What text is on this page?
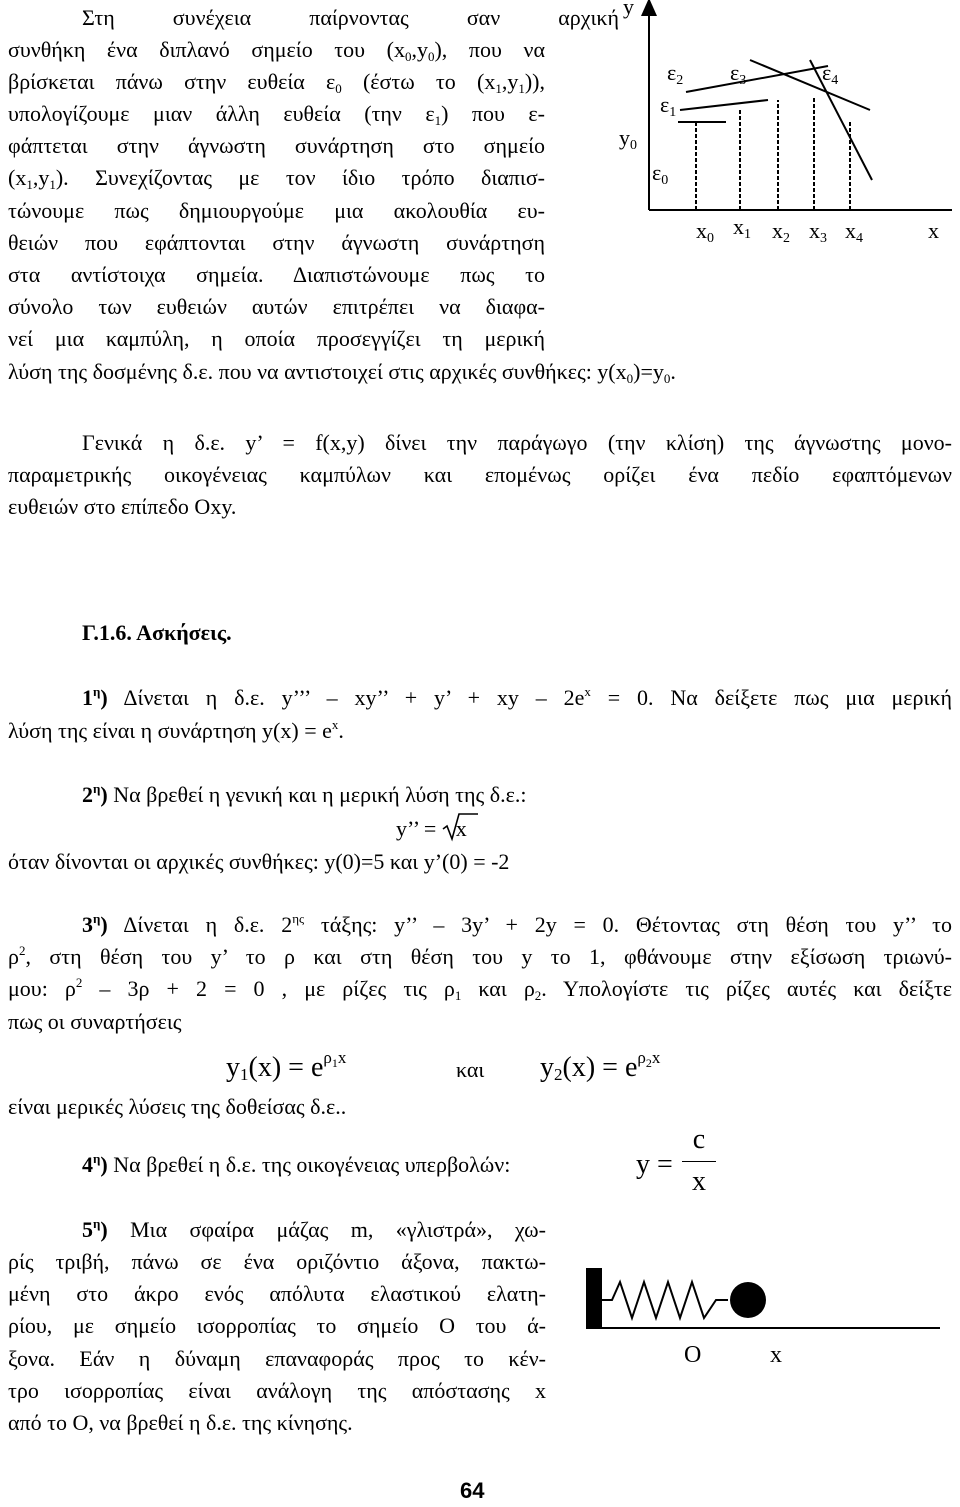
Στη συνέχεια παίρνοντας σαν αρχική
συνθήκη ένα διπλανό σημείο του $(x_0,y_0)$, που να
βρίσκεται πάνω στην ευθεία $\varepsilon_0$ (έστω το $(x_1,y_1)$),
υπολογίζουμε μιαν άλλη ευθεία (την $\varepsilon_1$) που ε-
φάπτεται στην άγνωστη συνάρτηση στο σημείο
$(x_1,y_1)$. Συνεχίζοντας με τον ίδιο τρόπο διαπισ-
τώνουμε πως δημιουργούμε μια ακολουθία ευ-
θειών που εφάπτονται στην άγνωστη συνάρτηση
στα αντίστοιχα σημεία. Διαπιστώνουμε πως το
σύνολο των ευθειών αυτών επιτρέπει να διαφα-
νεί μια καμπύλη, η οποία προσεγγίζει τη μερική
λύση της δοσμένης δ.ε. που να αντιστοιχεί στις αρχικές συνθήκες: $y(x_0)=y_0$.
y
x
y0
ε0
ε1
ε2 ε3	ε4
x0 x1 x2 x3 x4
Γενικά η δ.ε. y’ = f(x,y) δίνει την παράγωγο (την κλίση) της άγνωστης μονο-
παραμετρικής οικογένειας καμπύλων και επομένως ορίζει ένα πεδίο εφαπτόμενων
ευθειών στο επίπεδο Οxy.
Γ.1.6. Ασκήσεις.
$1^\eta$) Δίνεται η δ.ε. y’’’ – xy’’ + y’ + xy – $2e^x = 0$. Να δείξετε πως μια μερική
λύση της είναι η συνάρτηση $y(x) = e^x$.
$2^\eta$) Να βρεθεί η γενική και η μερική λύση της δ.ε.:
y’’ =
x
όταν δίνονται οι αρχικές συνθήκες: y(0)=5 και y’(0) = -2
$3^\eta$) Δίνεται η δ.ε. $2^{\eta\varsigma}$ τάξης: y’’ – 3y’ + 2y = 0. Θέτοντας στη θέση του y’’ το
$\rho^2$, στη θέση του y’ το ρ και στη θέση του y το 1, φθάνουμε στην εξίσωση τριωνύ-
μου: $\rho^2 - 3\rho + 2 = 0$ , με ρίζες τις $\rho_1$ και $\rho_2$. Υπολογίστε τις ρίζες αυτές και δείξτε
πως οι συναρτήσεις
$y_1(x) = e^{\rho_1x}$	και $y_2(x) = e^{\rho_2x}$
είναι μερικές λύσεις της δοθείσας δ.ε..
$4^\eta$) Να βρεθεί η δ.ε. της οικογένειας υπερβολών:	y =
c
x
$5^\eta$) Μια σφαίρα μάζας m, «γλιστρά», χω-
ρίς τριβή, πάνω σε ένα οριζόντιο άξονα, πακτω-
μένη στο άκρο ενός απόλυτα ελαστικού ελατη-
ρίου, με σημείο ισορροπίας το σημείο Ο του ά-
ξονα. Εάν η δύναμη επαναφοράς προς το κέν-
τρο ισορροπίας είναι ανάλογη της απόστασης x
από το Ο, να βρεθεί η δ.ε. της κίνησης.
O	x
64
